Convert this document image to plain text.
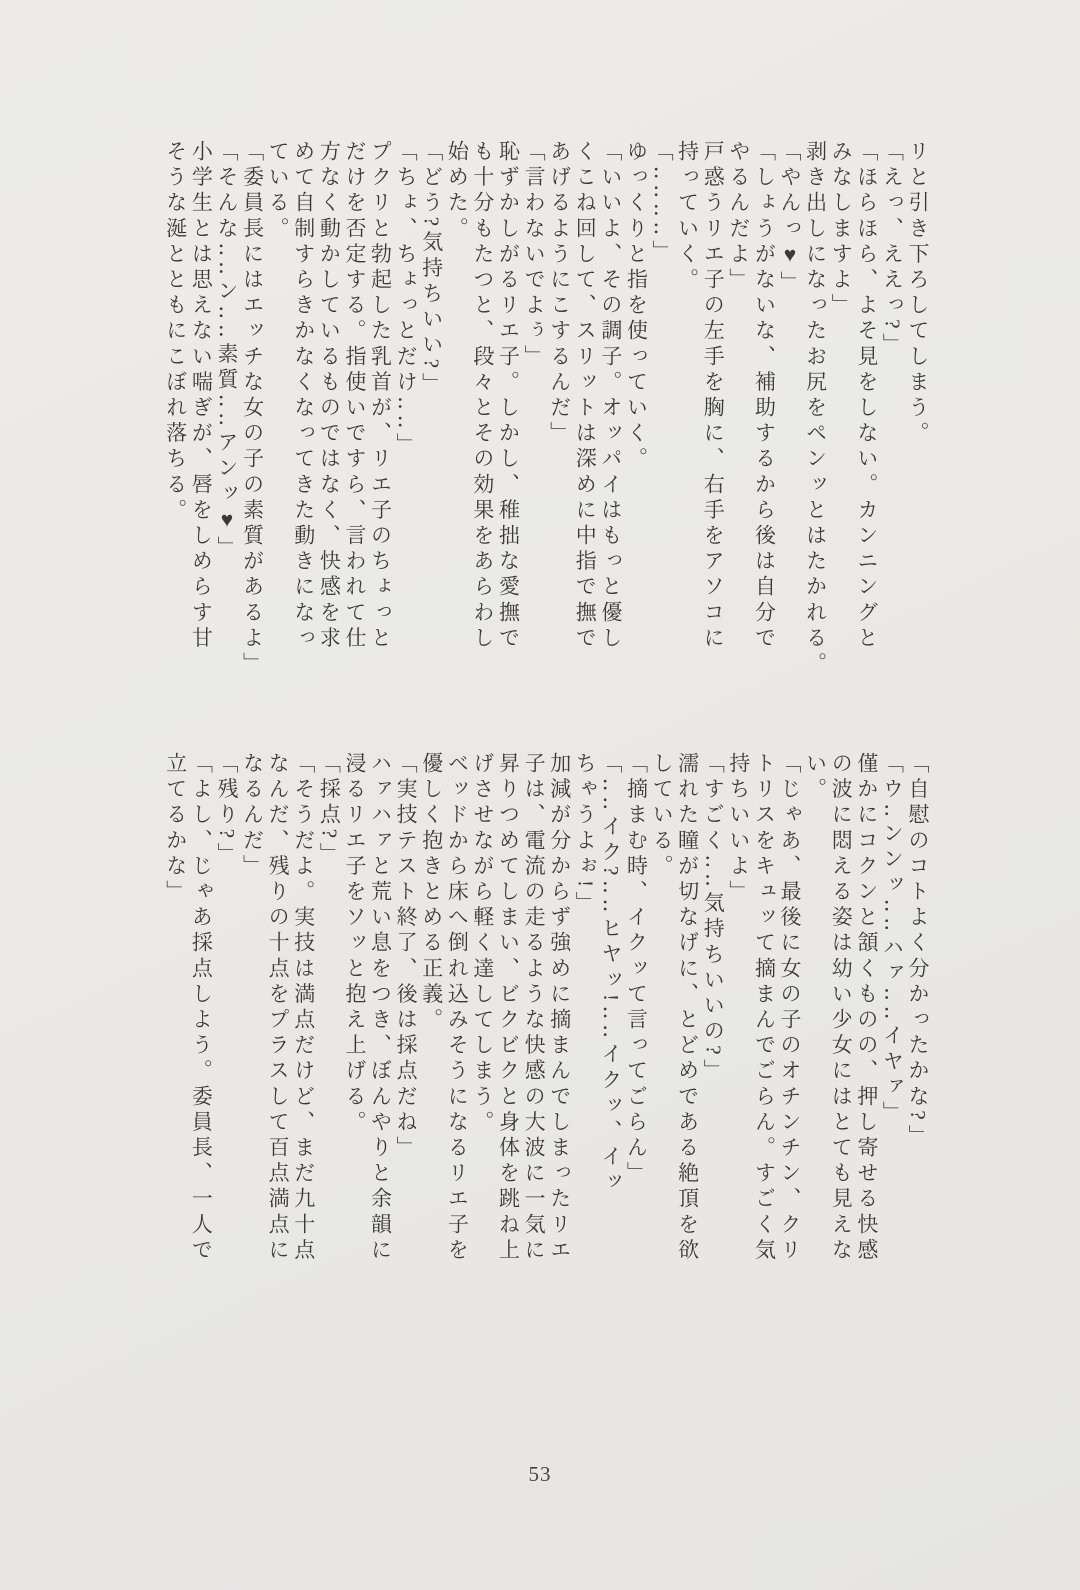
リと引き下ろしてしまう。

「えっ、ええっ?」

「ほらほら、よそ見をしない。カンニングと

みなしますよ」

剥き出しになったお尻をペンッとはたかれる。

「やんっ♥」

「しょうがないな、補助するから後は自分で

やるんだよ」

戸惑うリエ子の左手を胸に、右手をアソコに

持っていく。

「‥‥‥‥」

ゆっくりと指を使っていく。

「いいよ、その調子。オッパイはもっと優し

くこね回して、スリットは深めに中指で撫で

あげるようにこするんだ」

「言わないでよぅ」

恥ずかしがるリエ子。しかし、稚拙な愛撫で

も十分もたつと、段々とその効果をあらわし

始めた。

「どう?気持ちいい?」

「ちょ、ちょっとだけ‥‥」

プクリと勃起した乳首が、リエ子のちょっと

だけを否定する。指使いですら、言われて仕

方なく動かしているものではなく、快感を求

めて自制すらきかなくなってきた動きになっ

ている。

「委員長にはエッチな女の子の素質があるよ」

「そんな‥‥ン‥‥素質‥‥アンッ♥」

小学生とは思えない喘ぎが、唇をしめらす甘

そうな涎とともにこぼれ落ちる。

「自慰のコトよく分かったかな?」

「ウ‥ンンッ‥‥ハァ‥‥イヤァ」

僅かにコクンと頷くものの、押し寄せる快感

の波に悶える姿は幼い少女にはとても見えな

い。

「じゃあ、最後に女の子のオチンチン、クリ

トリスをキュッて摘まんでごらん。すごく気

持ちいいよ」

「すごく‥‥気持ちいいの?」

濡れた瞳が切なげに、とどめである絶頂を欲

している。

「摘まむ時、イクッて言ってごらん」

「‥‥イク?‥‥ヒヤッ!‥‥イクッ、イッ

ちゃうよぉ!」

加減が分からず強めに摘まんでしまったリエ

子は、電流の走るような快感の大波に一気に

昇りつめてしまい、ビクビクと身体を跳ね上

げさせながら軽く達してしまう。

ベッドから床へ倒れ込みそうになるリエ子を

優しく抱きとめる正義。

「実技テスト終了、後は採点だね」

ハァハァと荒い息をつき、ぼんやりと余韻に

浸るリエ子をソッと抱え上げる。

「採点?」

「そうだよ。実技は満点だけど、まだ九十点

なんだ、残りの十点をプラスして百点満点に

なるんだ」

「残り?」

「よし、じゃあ採点しよう。委員長、一人で

立てるかな」

53
